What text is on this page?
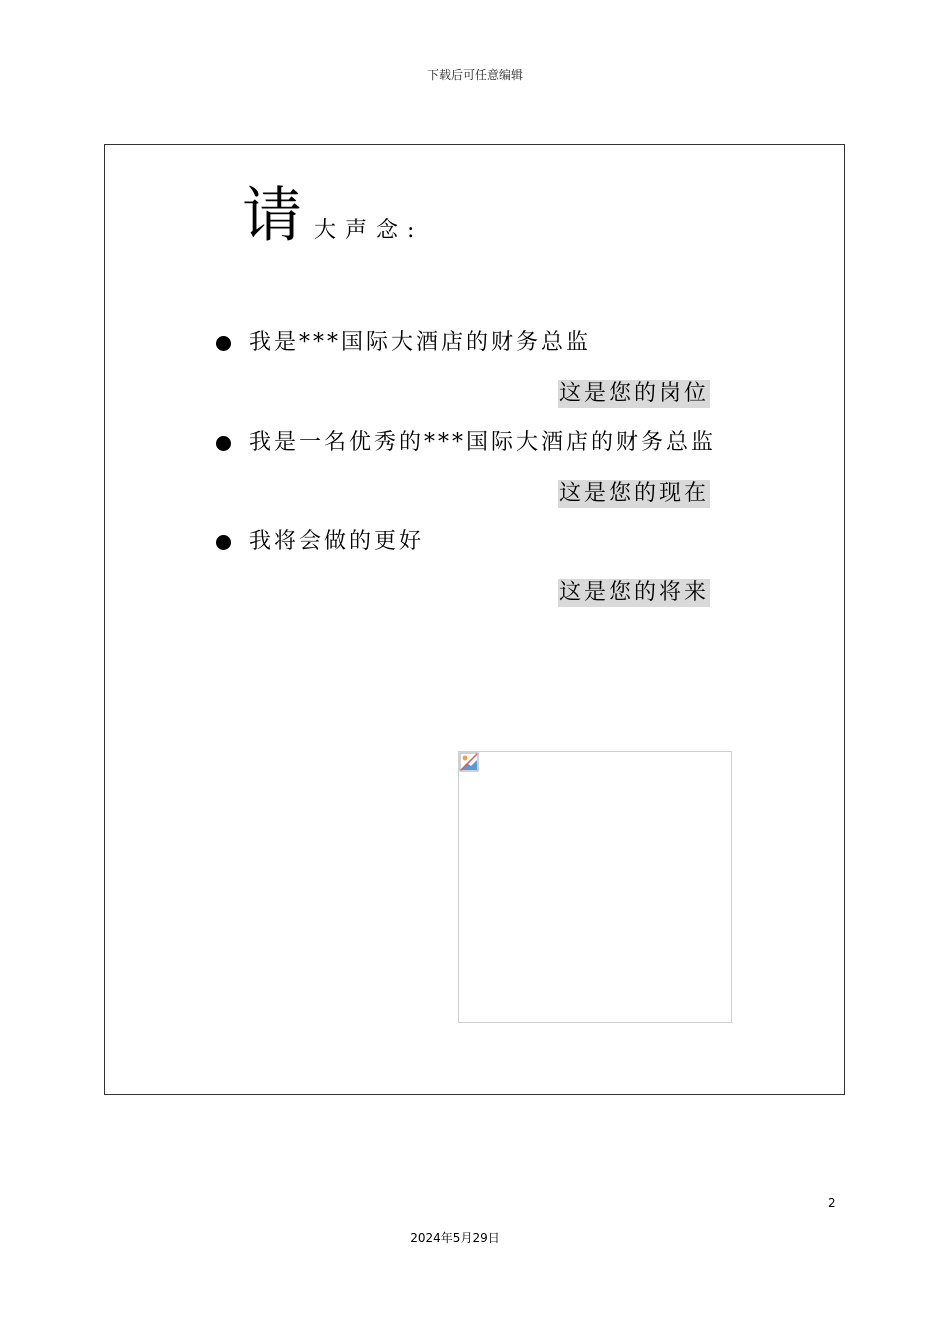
下载后可任意编辑
请 大声念:
我是***国际大酒店的财务总监
这是您的岗位
我是一名优秀的***国际大酒店的财务总监
这是您的现在
我将会做的更好
这是您的将来
2
2024年5月29日
